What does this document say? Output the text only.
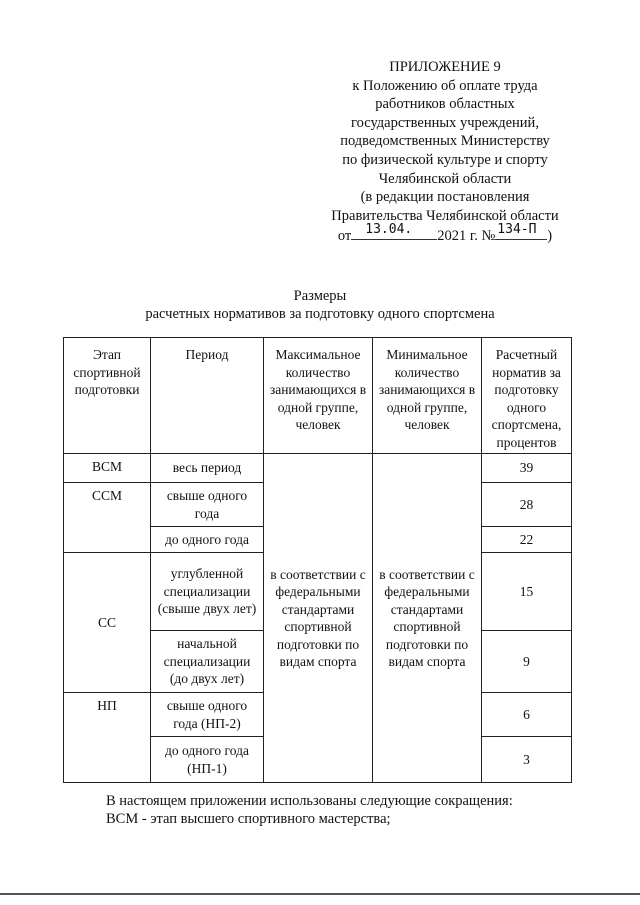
ПРИЛОЖЕНИЕ 9
к Положению об оплате труда
работников областных
государственных учреждений,
подведомственных Министерству
по физической культуре и спорту
Челябинской области
(в редакции постановления
Правительства Челябинской области
от 13.04. 2021 г. № 134-П )
Размеры
расчетных нормативов за подготовку одного спортсмена
Этап спортивной подготовки	Период	Максимальное количество занимающихся в одной группе, человек	Минимальное количество занимающихся в одной группе, человек	Расчетный норматив за подготовку одного спортсмена, процентов
ВСМ	весь период	в соответствии с федеральными стандартами спортивной подготовки по видам спорта	в соответствии с федеральными стандартами спортивной подготовки по видам спорта	39
ССМ	свыше одного года			28
	до одного года			22
СС	углубленной специализации (свыше двух лет)			15
	начальной специализации (до двух лет)			9
НП	свыше одного года (НП-2)			6
	до одного года (НП-1)			3
В настоящем приложении использованы следующие сокращения:
ВСМ - этап высшего спортивного мастерства;
